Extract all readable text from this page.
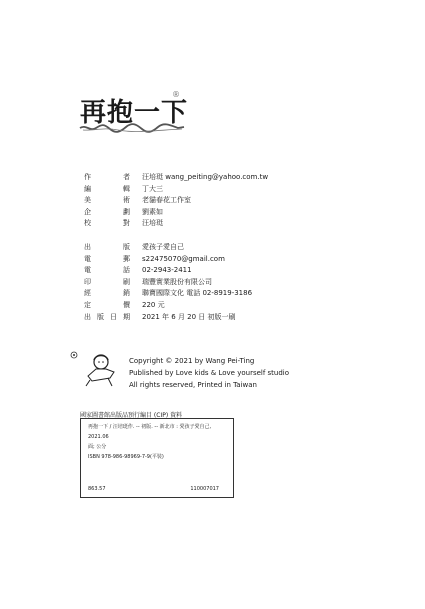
再抱一下
®
作	者 汪培珽 wang_peiting@yahoo.com.tw
編	輯 丁大三
美	術 老貓春花工作室
企	劃 劉素如
校	對 汪培珽
出	版 愛孩子愛自己
電	郵 s22475070@gmail.com
電	話 02-2943-2411
印	刷 瑞豐實業股份有限公司
經	銷 聯寶國際文化 電話 02-8919-3186
定	價 220 元
出 版 日 期 2021 年 6 月 20 日 初版一刷
Copyright © 2021 by Wang Pei-Ting
Published by Love kids & Love yourself studio
All rights reserved, Printed in Taiwan
國家圖書館出版品預行編目 (CIP) 資料
再抱一下 / 汪培珽作. -- 初版. -- 新北市 : 愛孩子愛自己,
2021.06
面; 公分
ISBN 978-986-98969-7-9(平裝)
863.57	110007017
